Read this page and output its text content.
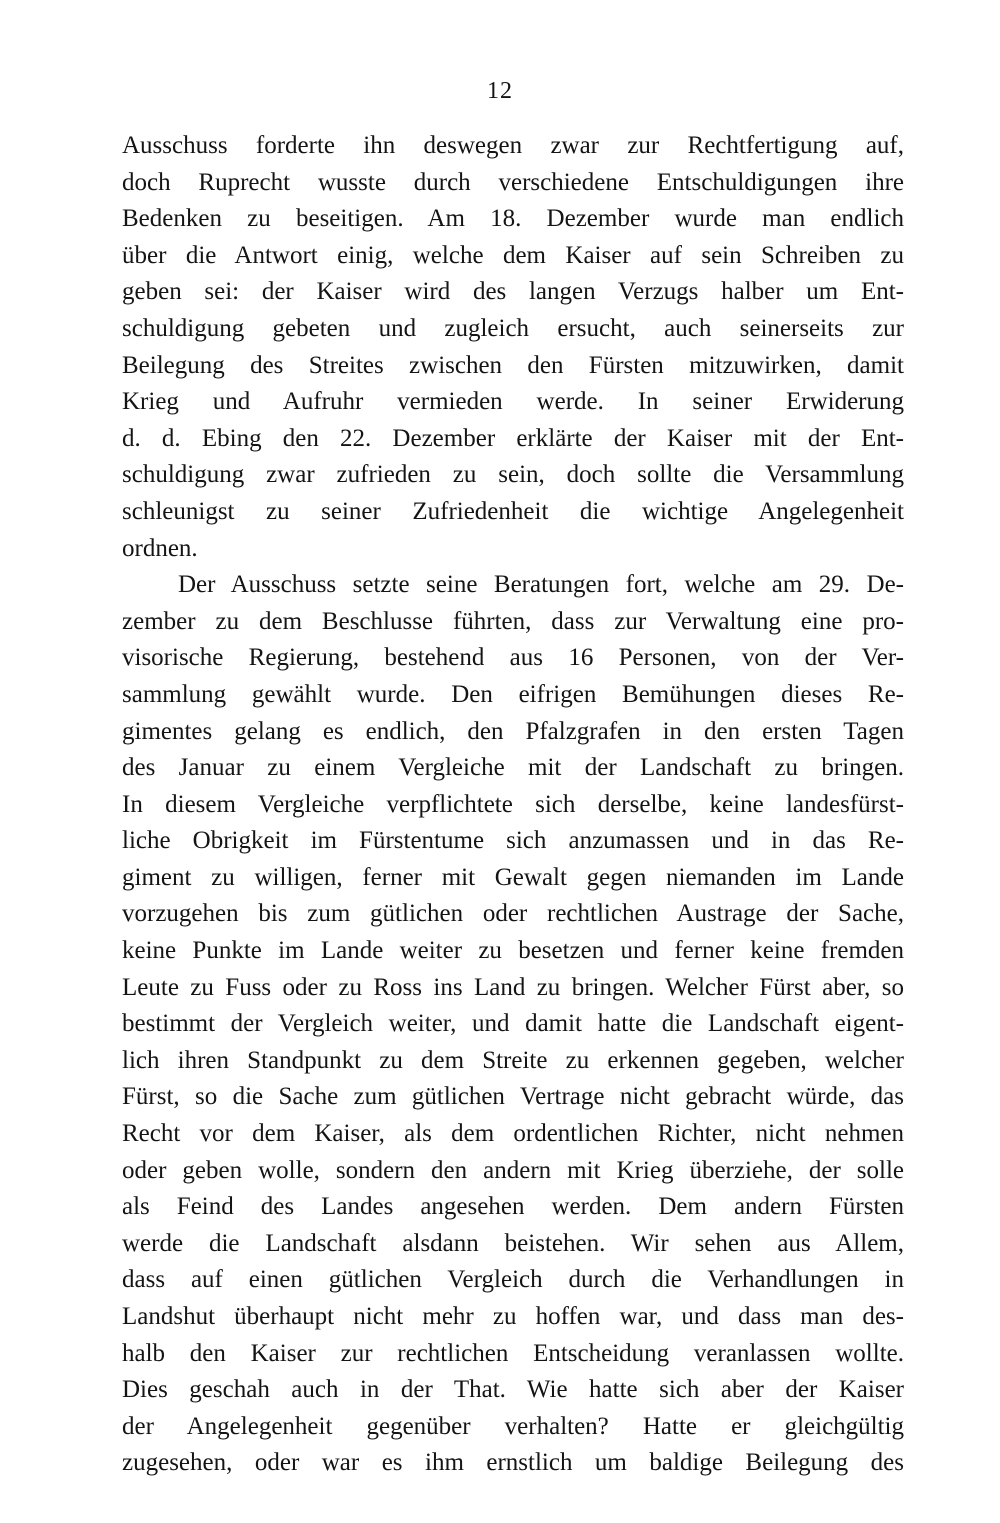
12
Ausschuss forderte ihn deswegen zwar zur Rechtfertigung auf,
doch Ruprecht wusste durch verschiedene Entschuldigungen ihre
Bedenken zu beseitigen. Am 18. Dezember wurde man endlich
über die Antwort einig, welche dem Kaiser auf sein Schreiben zu
geben sei: der Kaiser wird des langen Verzugs halber um Ent-
schuldigung gebeten und zugleich ersucht, auch seinerseits zur
Beilegung des Streites zwischen den Fürsten mitzuwirken, damit
Krieg und Aufruhr vermieden werde. In seiner Erwiderung
d. d. Ebing den 22. Dezember erklärte der Kaiser mit der Ent-
schuldigung zwar zufrieden zu sein, doch sollte die Versammlung
schleunigst zu seiner Zufriedenheit die wichtige Angelegenheit
ordnen.
Der Ausschuss setzte seine Beratungen fort, welche am 29. De-
zember zu dem Beschlusse führten, dass zur Verwaltung eine pro-
visorische Regierung, bestehend aus 16 Personen, von der Ver-
sammlung gewählt wurde. Den eifrigen Bemühungen dieses Re-
gimentes gelang es endlich, den Pfalzgrafen in den ersten Tagen
des Januar zu einem Vergleiche mit der Landschaft zu bringen.
In diesem Vergleiche verpflichtete sich derselbe, keine landesfürst-
liche Obrigkeit im Fürstentume sich anzumassen und in das Re-
giment zu willigen, ferner mit Gewalt gegen niemanden im Lande
vorzugehen bis zum gütlichen oder rechtlichen Austrage der Sache,
keine Punkte im Lande weiter zu besetzen und ferner keine fremden
Leute zu Fuss oder zu Ross ins Land zu bringen. Welcher Fürst aber, so
bestimmt der Vergleich weiter, und damit hatte die Landschaft eigent-
lich ihren Standpunkt zu dem Streite zu erkennen gegeben, welcher
Fürst, so die Sache zum gütlichen Vertrage nicht gebracht würde, das
Recht vor dem Kaiser, als dem ordentlichen Richter, nicht nehmen
oder geben wolle, sondern den andern mit Krieg überziehe, der solle
als Feind des Landes angesehen werden. Dem andern Fürsten
werde die Landschaft alsdann beistehen. Wir sehen aus Allem,
dass auf einen gütlichen Vergleich durch die Verhandlungen in
Landshut überhaupt nicht mehr zu hoffen war, und dass man des-
halb den Kaiser zur rechtlichen Entscheidung veranlassen wollte.
Dies geschah auch in der That. Wie hatte sich aber der Kaiser
der Angelegenheit gegenüber verhalten? Hatte er gleichgültig
zugesehen, oder war es ihm ernstlich um baldige Beilegung des
